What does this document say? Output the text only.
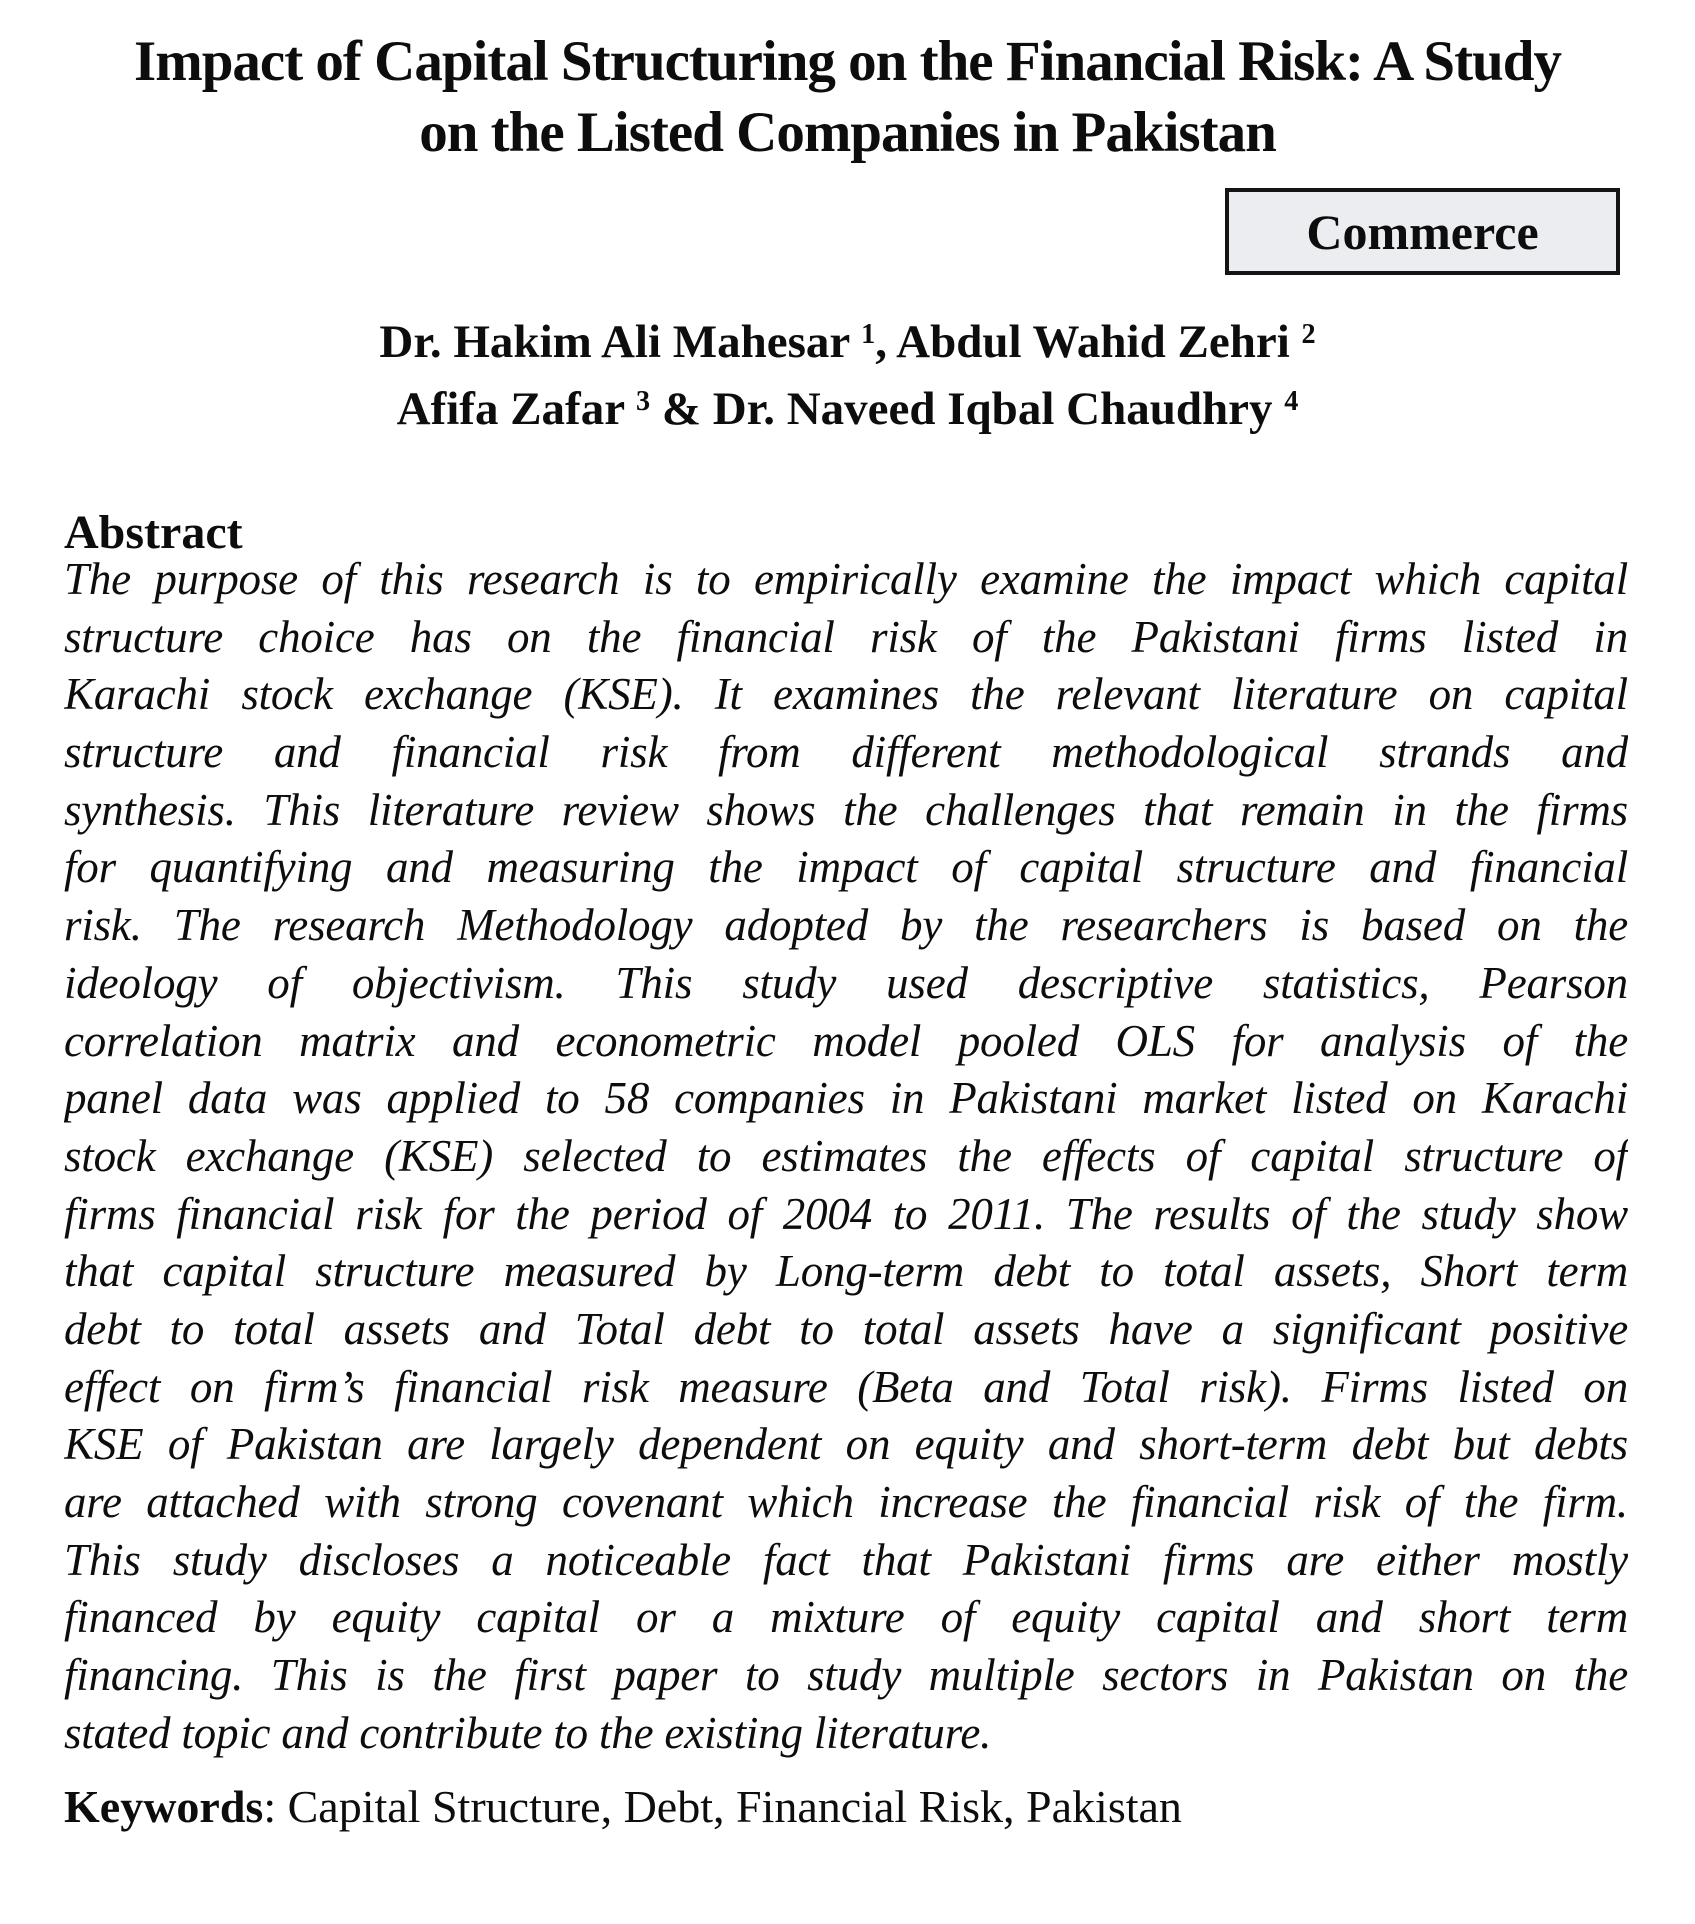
Impact of Capital Structuring on the Financial Risk: A Study
on the Listed Companies in Pakistan
Commerce
Dr. Hakim Ali Mahesar $^1$, Abdul Wahid Zehri $^2$
Afifa Zafar $^3$ & Dr. Naveed Iqbal Chaudhry $^4$
Abstract
The purpose of this research is to empirically examine the impact which capital
structure choice has on the financial risk of the Pakistani firms listed in
Karachi stock exchange (KSE). It examines the relevant literature on capital
structure and financial risk from different methodological strands and
synthesis. This literature review shows the challenges that remain in the firms
for quantifying and measuring the impact of capital structure and financial
risk. The research Methodology adopted by the researchers is based on the
ideology of objectivism. This study used descriptive statistics, Pearson
correlation matrix and econometric model pooled OLS for analysis of the
panel data was applied to 58 companies in Pakistani market listed on Karachi
stock exchange (KSE) selected to estimates the effects of capital structure of
firms financial risk for the period of 2004 to 2011. The results of the study show
that capital structure measured by Long-term debt to total assets, Short term
debt to total assets and Total debt to total assets have a significant positive
effect on firm’s financial risk measure (Beta and Total risk). Firms listed on
KSE of Pakistan are largely dependent on equity and short-term debt but debts
are attached with strong covenant which increase the financial risk of the firm.
This study discloses a noticeable fact that Pakistani firms are either mostly
financed by equity capital or a mixture of equity capital and short term
financing. This is the first paper to study multiple sectors in Pakistan on the
stated topic and contribute to the existing literature.
Keywords: Capital Structure, Debt, Financial Risk, Pakistan
